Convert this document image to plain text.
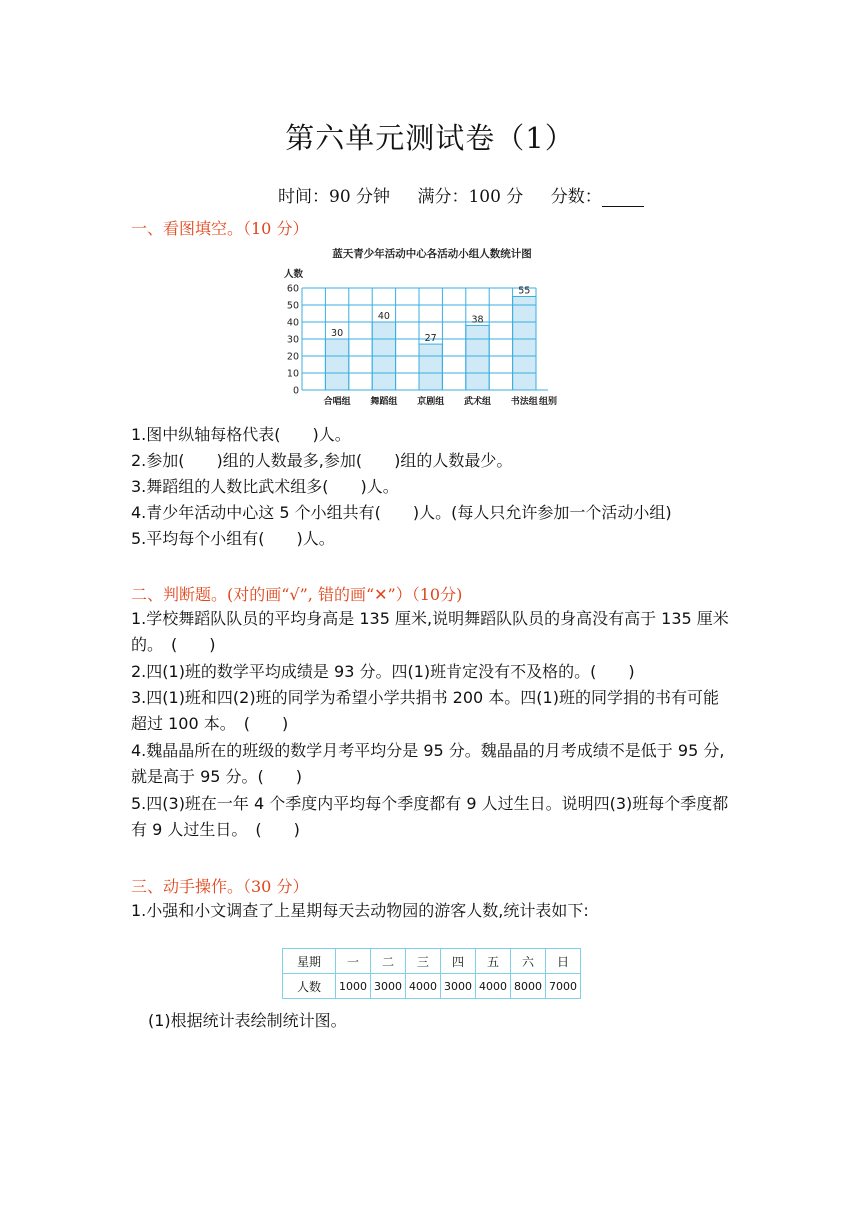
第六单元测试卷（1）
时间：90 分钟 满分：100 分 分数：
一、看图填空。（10 分）
蓝天青少年活动中心各活动小组人数统计图
人数
0
10
20
30
40
50
60
30
40
27
38
55
合唱组 舞蹈组 京剧组 武术组 书法组 组别
1.图中纵轴每格代表(　　)人。
2.参加(　　)组的人数最多,参加(　　)组的人数最少。
3.舞蹈组的人数比武术组多(　　)人。
4.青少年活动中心这 5 个小组共有(　　)人。(每人只允许参加一个活动小组)
5.平均每个小组有(　　)人。
二、判断题。(对的画“√”, 错的画“✕”）（10分)
1.学校舞蹈队队员的平均身高是 135 厘米,说明舞蹈队队员的身高没有高于 135 厘米的。　(　　)
2.四(1)班的数学平均成绩是 93 分。四(1)班肯定没有不及格的。(　　)
3.四(1)班和四(2)班的同学为希望小学共捐书 200 本。四(1)班的同学捐的书有可能超过 100 本。　(　　)
4.魏晶晶所在的班级的数学月考平均分是 95 分。魏晶晶的月考成绩不是低于 95 分,就是高于 95 分。(　　)
5.四(3)班在一年 4 个季度内平均每个季度都有 9 人过生日。说明四(3)班每个季度都有 9 人过生日。　(　　)
三、动手操作。（30 分）
1.小强和小文调查了上星期每天去动物园的游客人数,统计表如下:
星期	一	二	三	四	五	六	日
人数	1000	3000	4000	3000	4000	8000	7000
(1)根据统计表绘制统计图。
